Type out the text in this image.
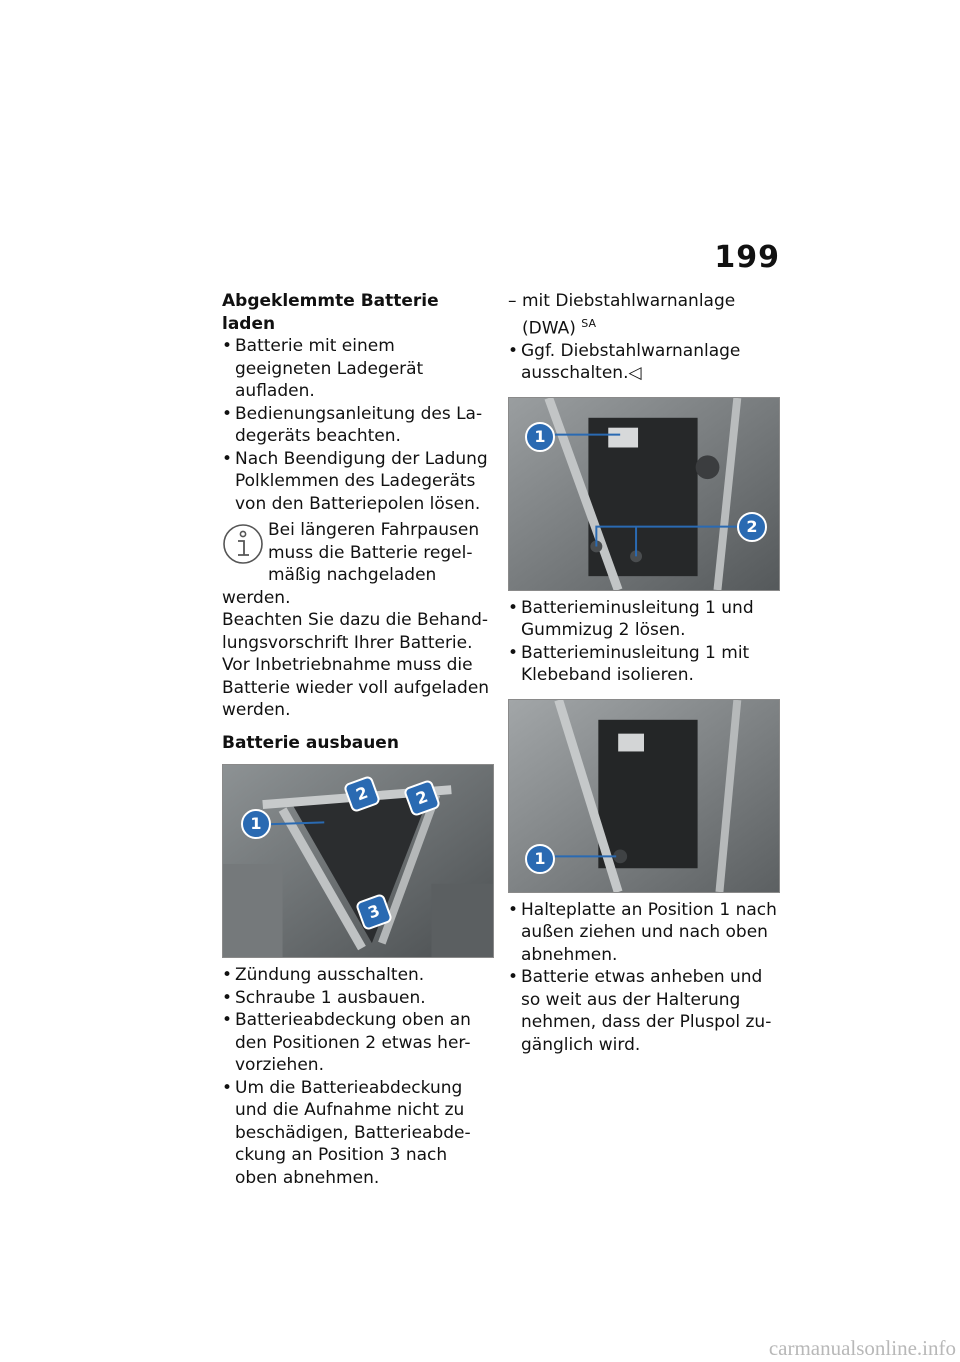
199
Abgeklemmte Batterie laden
• Batterie mit einem geeigneten Ladegerät aufladen.
• Bedienungsanleitung des La-degeräts beachten.
• Nach Beendigung der Ladung Polklemmen des Ladegeräts von den Batteriepolen lösen.

Bei längeren Fahrpausen muss die Batterie regel-mäßig nachgeladen werden.

Beachten Sie dazu die Behand-lungsvorschrift Ihrer Batterie.

Vor Inbetriebnahme muss die Batterie wieder voll aufgeladen werden.

Batterie ausbauen
1
2	2
3
• Zündung ausschalten.
• Schraube 1 ausbauen.
• Batterieabdeckung oben an den Positionen 2 etwas her-vorziehen.
• Um die Batterieabdeckung und die Aufnahme nicht zu beschädigen, Batterieabde-ckung an Position 3 nach oben abnehmen.
– mit Diebstahlwarnanlage (DWA) $^{SA}$
• Ggf. Diebstahlwarnanlage ausschalten.◁
1
2
• Batterieminusleitung 1 und Gummizug 2 lösen.
• Batterieminusleitung 1 mit Klebeband isolieren.
1
• Halteplatte an Position 1 nach außen ziehen und nach oben abnehmen.
• Batterie etwas anheben und so weit aus der Halterung nehmen, dass der Pluspol zu-gänglich wird.
carmanualsonline.info
